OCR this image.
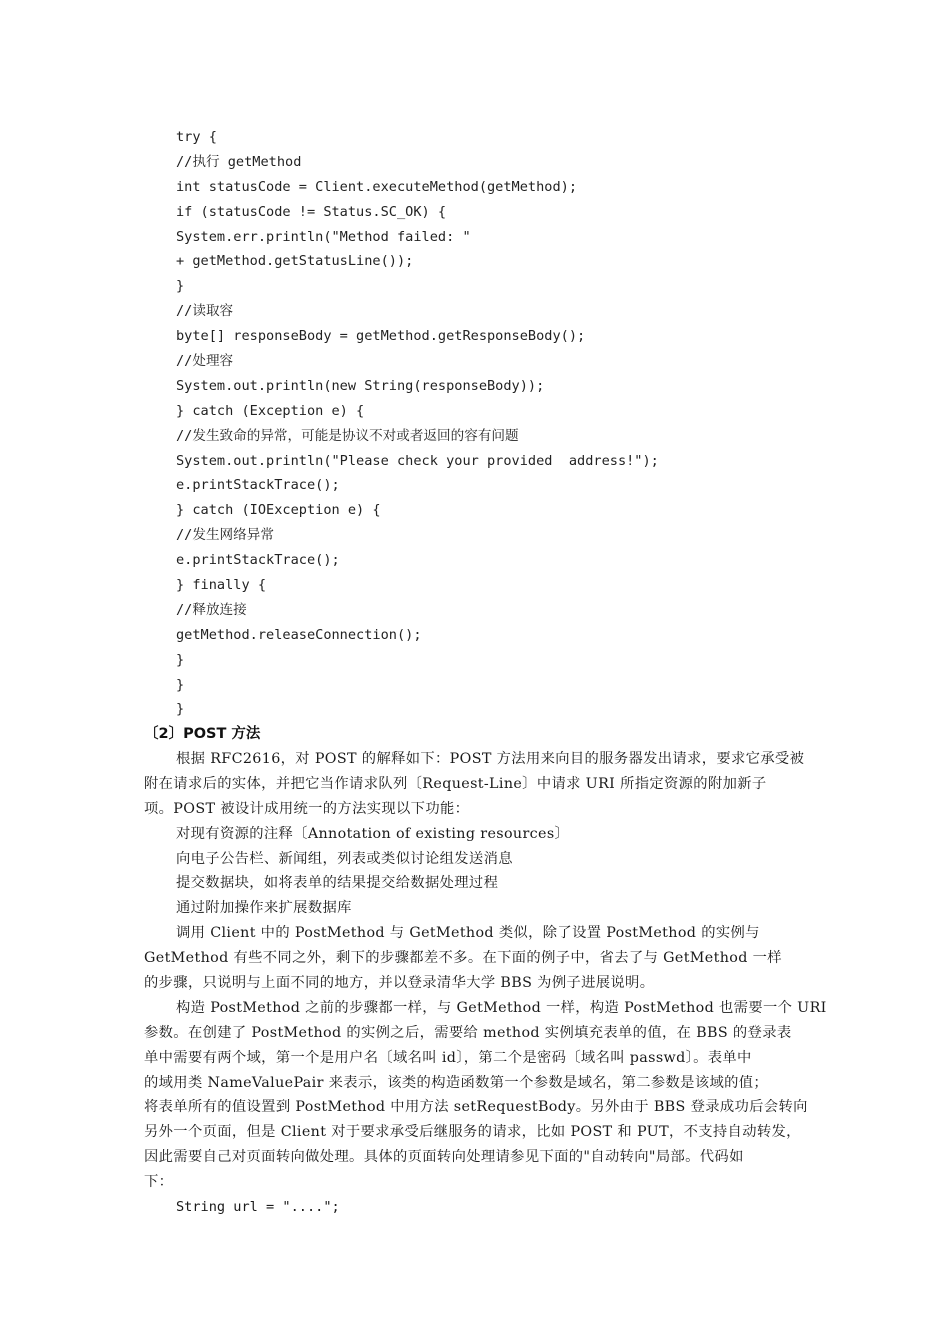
try {
//执行 getMethod
int statusCode = Client.executeMethod(getMethod);
if (statusCode != Status.SC_OK) {
System.err.println("Method failed: "
+ getMethod.getStatusLine());
}
//读取容
byte[] responseBody = getMethod.getResponseBody();
//处理容
System.out.println(new String(responseBody));
} catch (Exception e) {
//发生致命的异常，可能是协议不对或者返回的容有问题
System.out.println("Please check your provided  address!");
e.printStackTrace();
} catch (IOException e) {
//发生网络异常
e.printStackTrace();
} finally {
//释放连接
getMethod.releaseConnection();
}
}
}
〔2〕POST 方法
根据 RFC2616，对 POST 的解释如下：POST 方法用来向目的服务器发出请求，要求它承受被
附在请求后的实体，并把它当作请求队列〔Request-Line〕中请求 URI 所指定资源的附加新子
项。POST 被设计成用统一的方法实现以下功能：
对现有资源的注释〔Annotation of existing resources〕
向电子公告栏、新闻组，列表或类似讨论组发送消息
提交数据块，如将表单的结果提交给数据处理过程
通过附加操作来扩展数据库
调用 Client 中的 PostMethod 与 GetMethod 类似，除了设置 PostMethod 的实例与
GetMethod 有些不同之外，剩下的步骤都差不多。在下面的例子中，省去了与 GetMethod 一样
的步骤，只说明与上面不同的地方，并以登录清华大学 BBS 为例子进展说明。
构造 PostMethod 之前的步骤都一样，与 GetMethod 一样，构造 PostMethod 也需要一个 URI
参数。在创建了 PostMethod 的实例之后，需要给 method 实例填充表单的值，在 BBS 的登录表
单中需要有两个域，第一个是用户名〔域名叫 id〕，第二个是密码〔域名叫 passwd〕。表单中
的域用类 NameValuePair 来表示，该类的构造函数第一个参数是域名，第二参数是该域的值；
将表单所有的值设置到 PostMethod 中用方法 setRequestBody。另外由于 BBS 登录成功后会转向
另外一个页面，但是 Client 对于要求承受后继服务的请求，比如 POST 和 PUT，不支持自动转发，
因此需要自己对页面转向做处理。具体的页面转向处理请参见下面的"自动转向"局部。代码如
下：
String url = "....";
